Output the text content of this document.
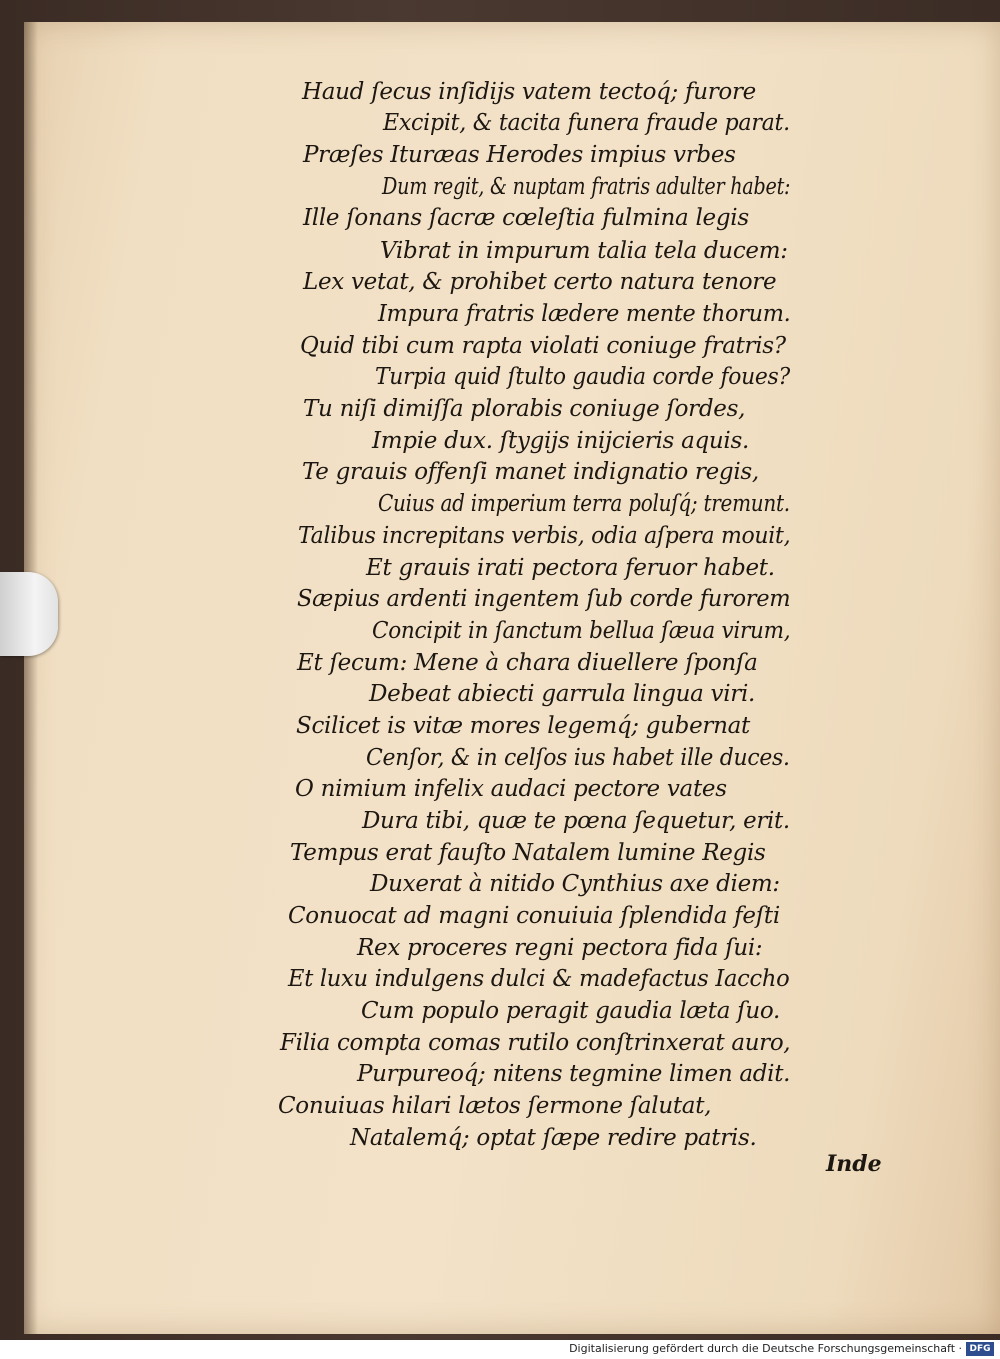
Haud ſecus inſidijs vatem tectoq́; furore
Excipit, & tacita funera fraude parat.
Præſes Ituræas Herodes impius vrbes
Dum regit, & nuptam fratris adulter habet:
Ille ſonans ſacræ cœleſtia fulmina legis
Vibrat in impurum talia tela ducem:
Lex vetat, & prohibet certo natura tenore
Impura fratris lædere mente thorum.
Quid tibi cum rapta violati coniuge fratris?
Turpia quid ſtulto gaudia corde foues?
Tu niſi dimiſſa plorabis coniuge ſordes,
Impie dux. ſtygijs inijcieris aquis.
Te grauis offenſi manet indignatio regis,
Cuius ad imperium terra poluſq́; tremunt.
Talibus increpitans verbis, odia aſpera mouit,
Et grauis irati pectora feruor habet.
Sæpius ardenti ingentem ſub corde furorem
Concipit in ſanctum bellua ſæua virum,
Et ſecum: Mene à chara diuellere ſponſa
Debeat abiecti garrula lingua viri.
Scilicet is vitæ mores legemq́; gubernat
Cenſor, & in celſos ius habet ille duces.
O nimium infelix audaci pectore vates
Dura tibi, quæ te pœna ſequetur, erit.
Tempus erat fauſto Natalem lumine Regis
Duxerat à nitido Cynthius axe diem:
Conuocat ad magni conuiuia ſplendida feſti
Rex proceres regni pectora fida ſui:
Et luxu indulgens dulci & madefactus Iaccho
Cum populo peragit gaudia læta ſuo.
Filia compta comas rutilo conſtrinxerat auro,
Purpureoq́; nitens tegmine limen adit.
Conuiuas hilari lætos ſermone ſalutat,
Natalemq́; optat ſæpe redire patris.
Inde
Digitalisierung gefördert durch die Deutsche Forschungsgemeinschaft · DFG
